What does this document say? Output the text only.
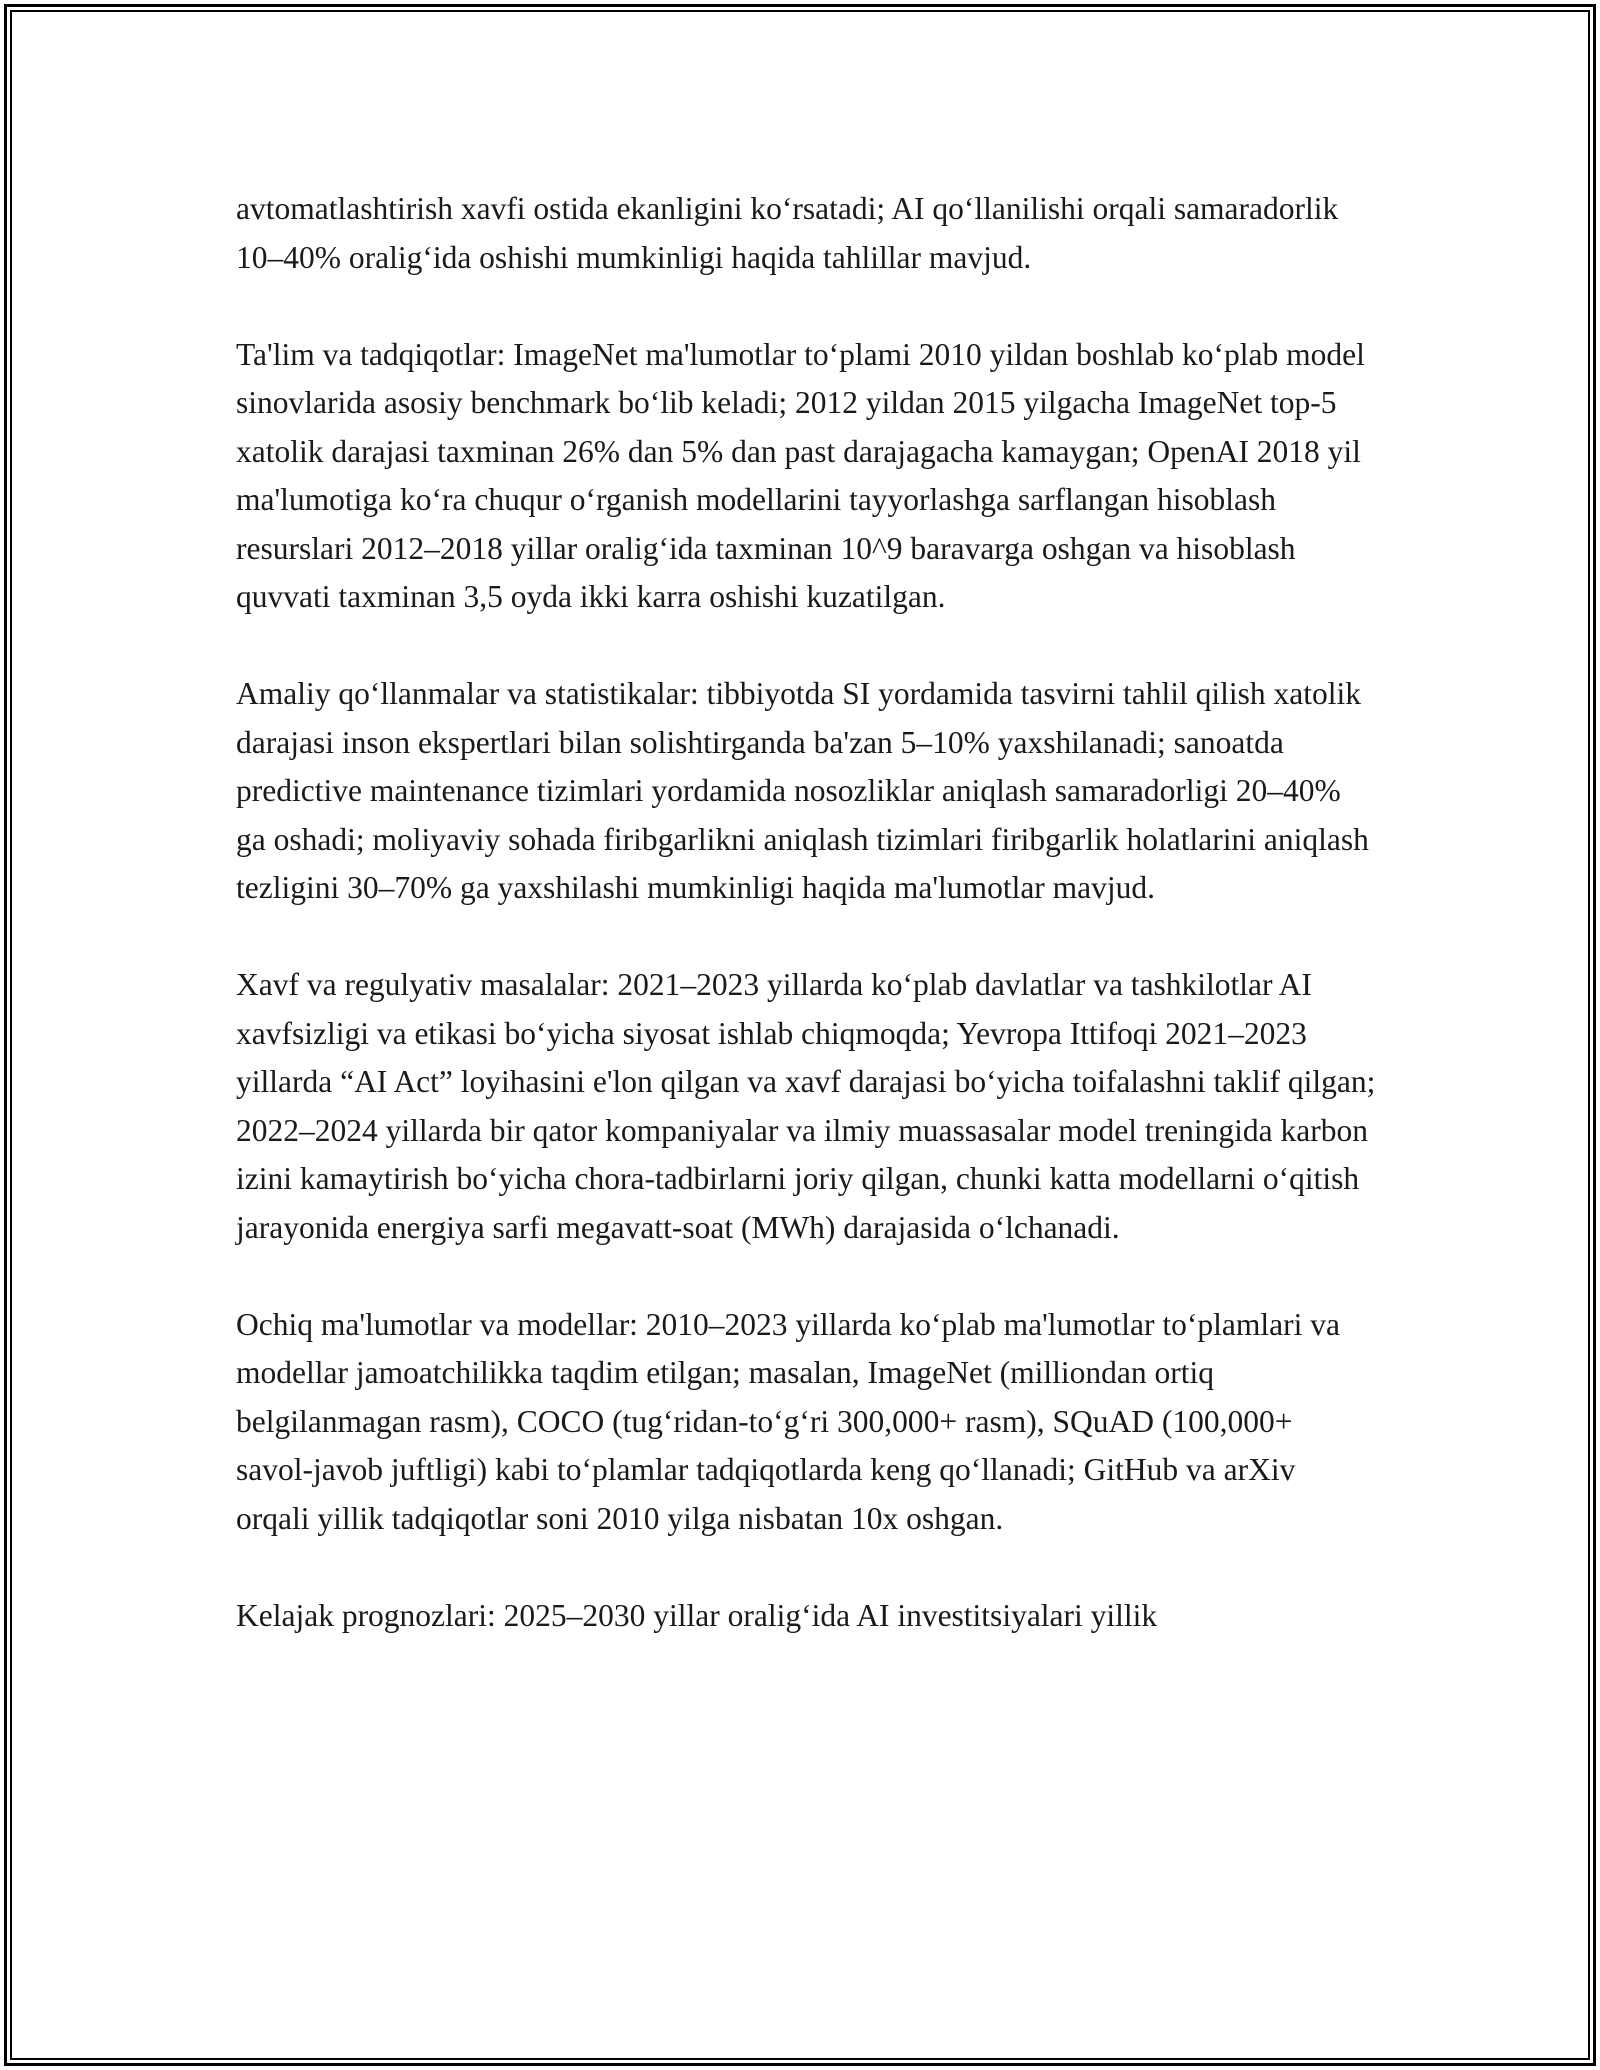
avtomatlashtirish xavfi ostida ekanligini ko‘rsatadi; AI qo‘llanilishi orqali samaradorlik 10–40% oralig‘ida oshishi mumkinligi haqida tahlillar mavjud.

Ta'lim va tadqiqotlar: ImageNet ma'lumotlar to‘plami 2010 yildan boshlab ko‘plab model sinovlarida asosiy benchmark bo‘lib keladi; 2012 yildan 2015 yilgacha ImageNet top-5 xatolik darajasi taxminan 26% dan 5% dan past darajagacha kamaygan; OpenAI 2018 yil ma'lumotiga ko‘ra chuqur o‘rganish modellarini tayyorlashga sarflangan hisoblash resurslari 2012–2018 yillar oralig‘ida taxminan 10^9 baravarga oshgan va hisoblash quvvati taxminan 3,5 oyda ikki karra oshishi kuzatilgan.

Amaliy qo‘llanmalar va statistikalar: tibbiyotda SI yordamida tasvirni tahlil qilish xatolik darajasi inson ekspertlari bilan solishtirganda ba'zan 5–10% yaxshilanadi; sanoatda predictive maintenance tizimlari yordamida nosozliklar aniqlash samaradorligi 20–40% ga oshadi; moliyaviy sohada firibgarlikni aniqlash tizimlari firibgarlik holatlarini aniqlash tezligini 30–70% ga yaxshilashi mumkinligi haqida ma'lumotlar mavjud.

Xavf va regulyativ masalalar: 2021–2023 yillarda ko‘plab davlatlar va tashkilotlar AI xavfsizligi va etikasi bo‘yicha siyosat ishlab chiqmoqda; Yevropa Ittifoqi 2021–2023 yillarda “AI Act” loyihasini e'lon qilgan va xavf darajasi bo‘yicha toifalashni taklif qilgan; 2022–2024 yillarda bir qator kompaniyalar va ilmiy muassasalar model treningida karbon izini kamaytirish bo‘yicha chora-tadbirlarni joriy qilgan, chunki katta modellarni o‘qitish jarayonida energiya sarfi megavatt-soat (MWh) darajasida o‘lchanadi.

Ochiq ma'lumotlar va modellar: 2010–2023 yillarda ko‘plab ma'lumotlar to‘plamlari va modellar jamoatchilikka taqdim etilgan; masalan, ImageNet (milliondan ortiq belgilanmagan rasm), COCO (tug‘ridan-to‘g‘ri 300,000+ rasm), SQuAD (100,000+ savol-javob juftligi) kabi to‘plamlar tadqiqotlarda keng qo‘llanadi; GitHub va arXiv orqali yillik tadqiqotlar soni 2010 yilga nisbatan 10x oshgan.

Kelajak prognozlari: 2025–2030 yillar oralig‘ida AI investitsiyalari yillik
